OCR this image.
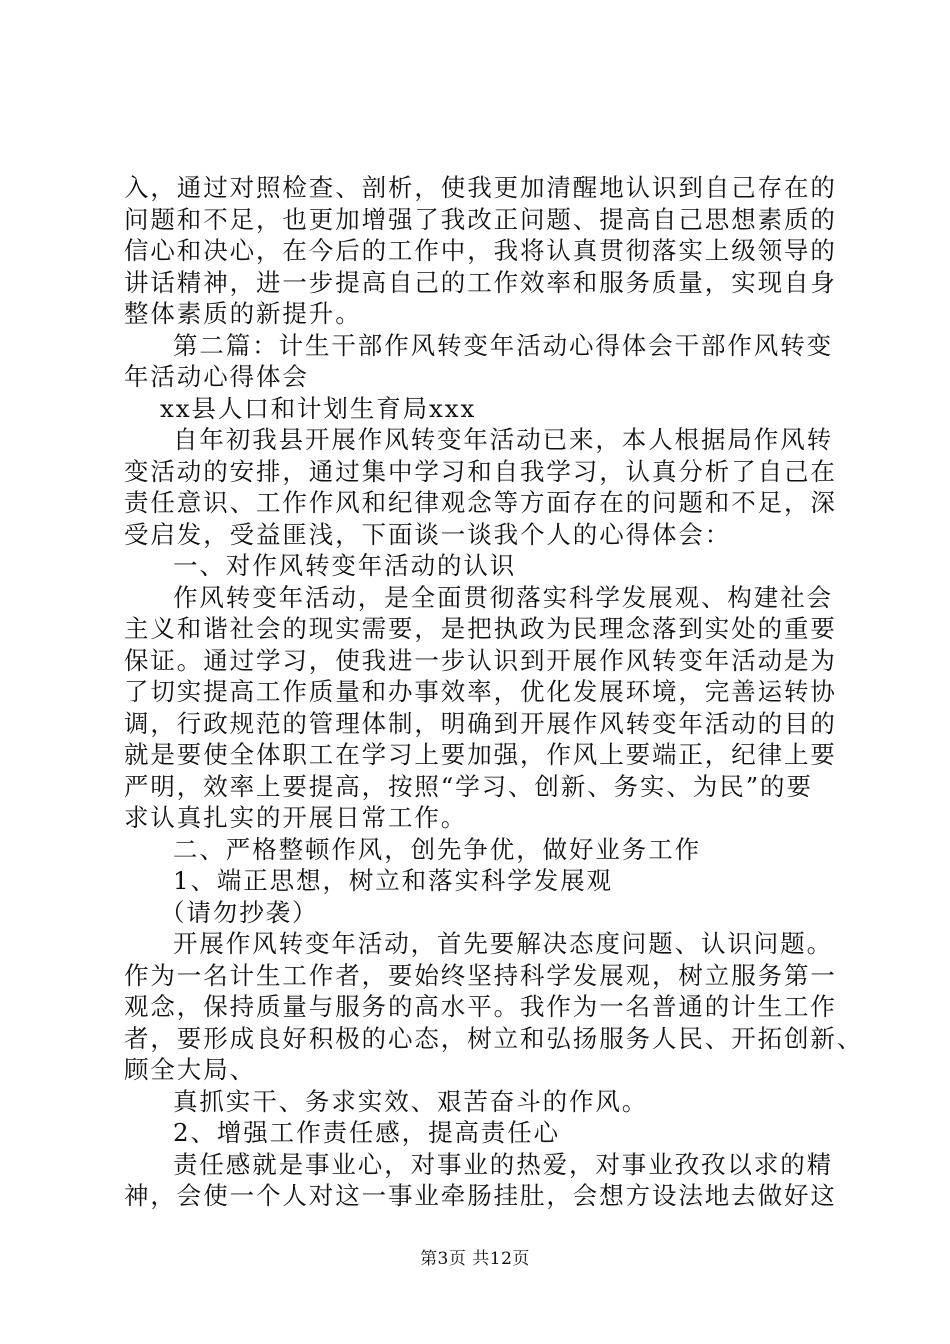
入，通过对照检查、剖析，使我更加清醒地认识到自己存在的
问题和不足，也更加增强了我改正问题、提高自己思想素质的
信心和决心，在今后的工作中，我将认真贯彻落实上级领导的
讲话精神，进一步提高自己的工作效率和服务质量，实现自身
整体素质的新提升。
第二篇：计生干部作风转变年活动心得体会干部作风转变
年活动心得体会
xx县人口和计划生育局xxx
自年初我县开展作风转变年活动已来，本人根据局作风转
变活动的安排，通过集中学习和自我学习，认真分析了自己在
责任意识、工作作风和纪律观念等方面存在的问题和不足，深
受启发，受益匪浅，下面谈一谈我个人的心得体会：
一、对作风转变年活动的认识
作风转变年活动，是全面贯彻落实科学发展观、构建社会
主义和谐社会的现实需要，是把执政为民理念落到实处的重要
保证。通过学习，使我进一步认识到开展作风转变年活动是为
了切实提高工作质量和办事效率，优化发展环境，完善运转协
调，行政规范的管理体制，明确到开展作风转变年活动的目的
就是要使全体职工在学习上要加强，作风上要端正，纪律上要
严明，效率上要提高，按照“学习、创新、务实、为民”的要
求认真扎实的开展日常工作。
二、严格整顿作风，创先争优，做好业务工作
1、端正思想，树立和落实科学发展观
（请勿抄袭）
开展作风转变年活动，首先要解决态度问题、认识问题。
作为一名计生工作者，要始终坚持科学发展观，树立服务第一
观念，保持质量与服务的高水平。我作为一名普通的计生工作
者，要形成良好积极的心态，树立和弘扬服务人民、开拓创新、
顾全大局、
真抓实干、务求实效、艰苦奋斗的作风。
2、增强工作责任感，提高责任心
责任感就是事业心，对事业的热爱，对事业孜孜以求的精
神，会使一个人对这一事业牵肠挂肚，会想方设法地去做好这
第3页 共12页
